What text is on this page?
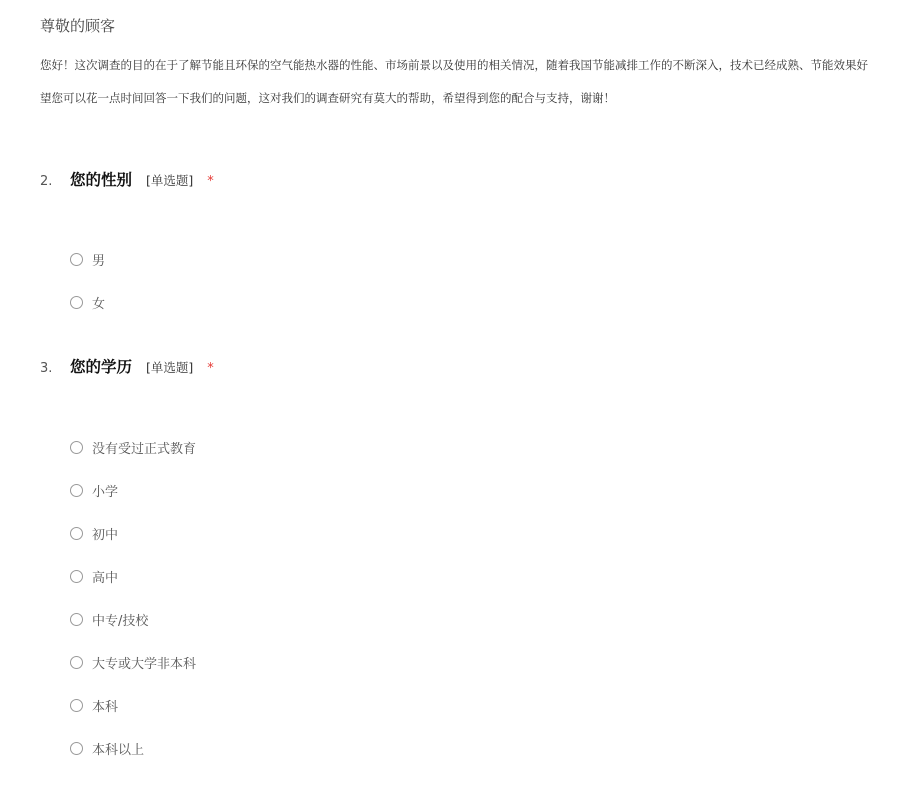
尊敬的顾客
您好！这次调查的目的在于了解节能且环保的空气能热水器的性能、市场前景以及使用的相关情况，随着我国节能减排工作的不断深入，技术已经成熟、节能效果好
望您可以花一点时间回答一下我们的问题，这对我们的调查研究有莫大的帮助，希望得到您的配合与支持，谢谢！
2.	您的性别 [单选题] *
男
女
3.	您的学历 [单选题] *
没有受过正式教育
小学
初中
高中
中专/技校
大专或大学非本科
本科
本科以上
